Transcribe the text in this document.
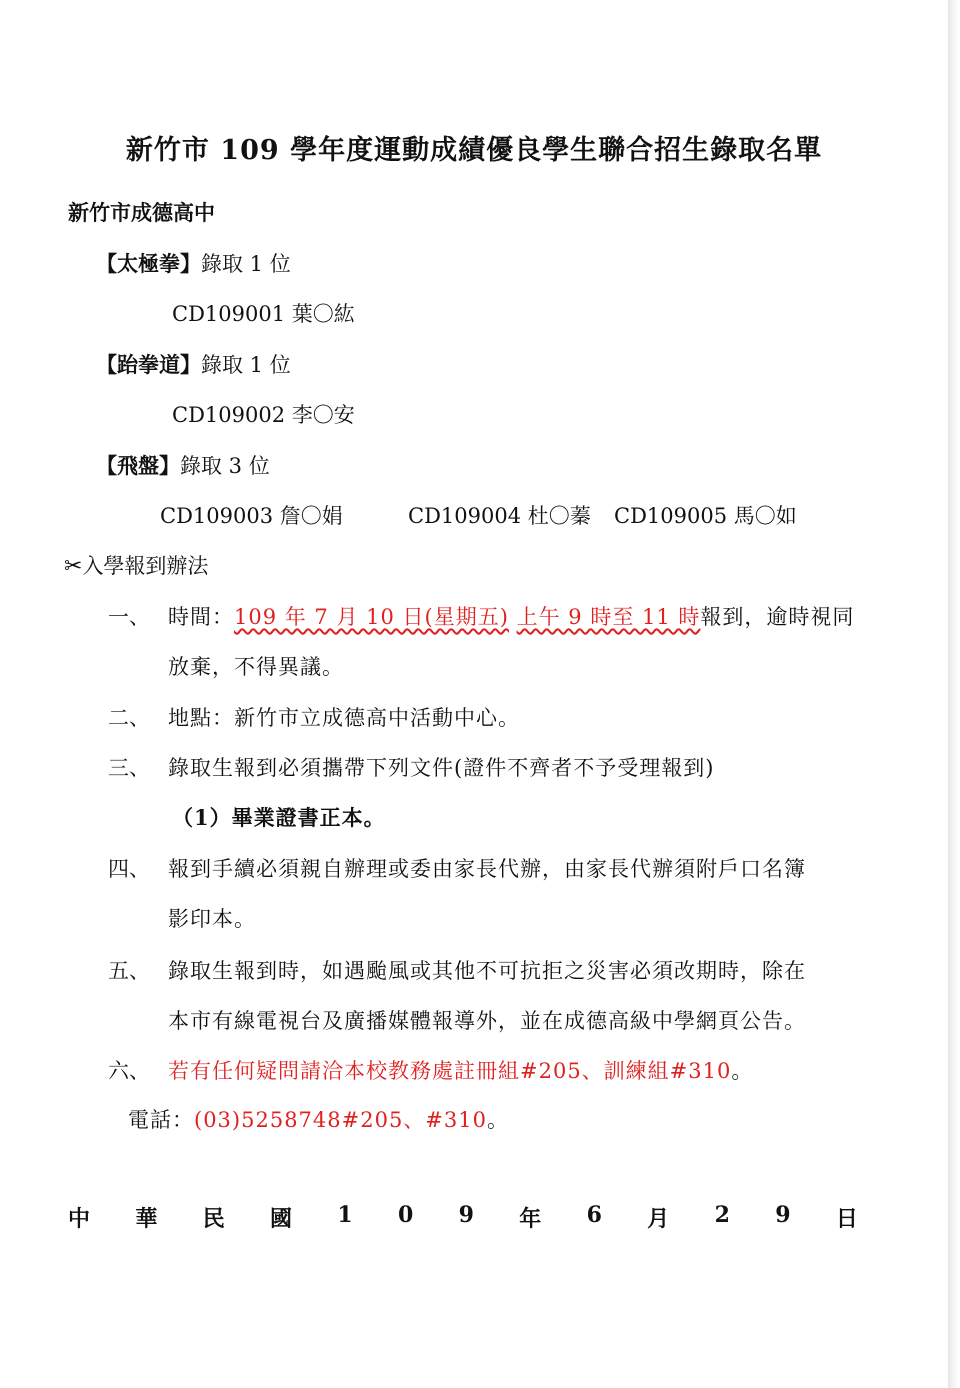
新竹市 109 學年度運動成績優良學生聯合招生錄取名單
新竹市成德高中
【太極拳】錄取 1 位
CD109001 葉〇紘
【跆拳道】錄取 1 位
CD109002 李〇安
【飛盤】錄取 3 位
CD109003 詹〇娟	CD109004 杜〇蓁 CD109005 馬〇如
✂入學報到辦法
一、 時間：109 年 7 月 10 日(星期五) 上午 9 時至 11 時報到，逾時視同
放棄，不得異議。
二、 地點：新竹市立成德高中活動中心。
三、 錄取生報到必須攜帶下列文件(證件不齊者不予受理報到)
（1）畢業證書正本。
四、 報到手續必須親自辦理或委由家長代辦，由家長代辦須附戶口名簿
影印本。
五、 錄取生報到時，如遇颱風或其他不可抗拒之災害必須改期時，除在
本市有線電視台及廣播媒體報導外，並在成德高級中學網頁公告。
六、 若有任何疑問請洽本校教務處註冊組#205、訓練組#310。
電話：(03)5258748#205、#310。
中 華 民 國 1 0 9 年 6 月 2 9 日
